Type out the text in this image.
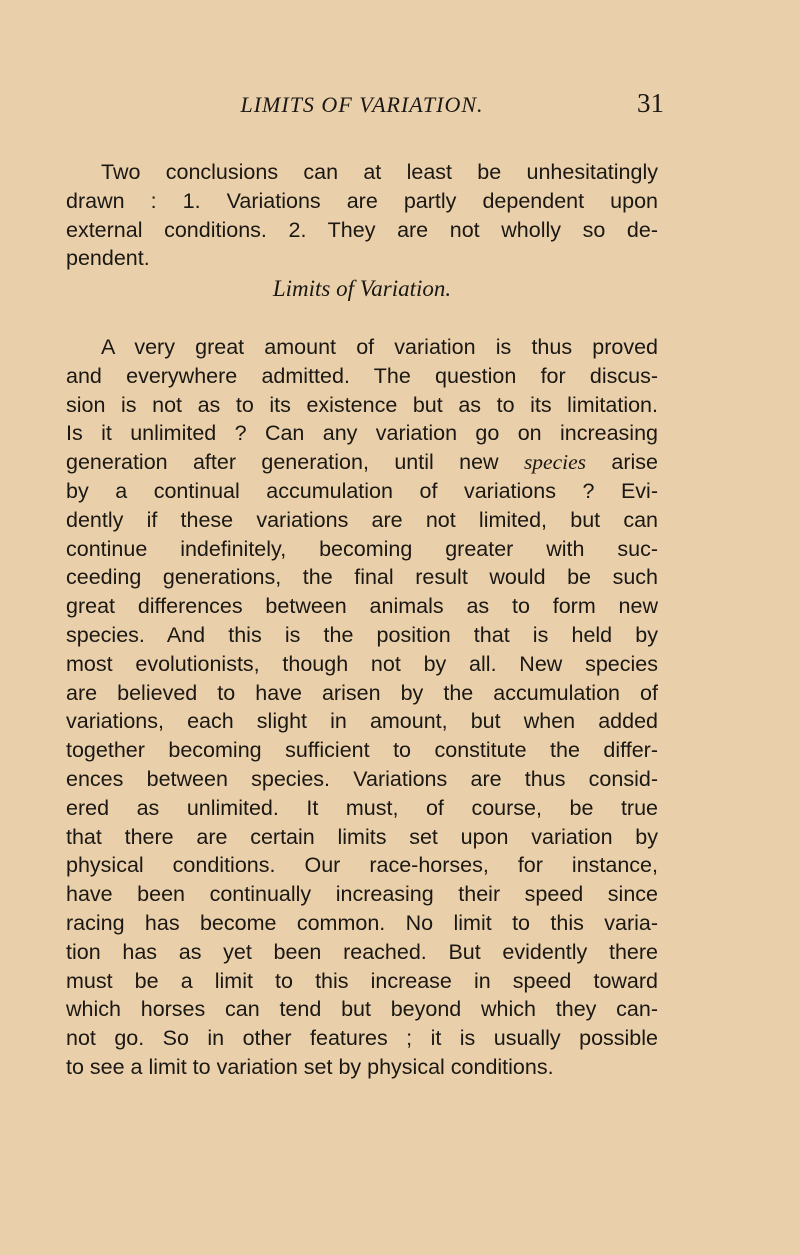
LIMITS OF VARIATION.	31
Two conclusions can at least be unhesitatingly
drawn : 1. Variations are partly dependent upon
external conditions. 2. They are not wholly so de-
pendent.
Limits of Variation.
A very great amount of variation is thus proved
and everywhere admitted. The question for discus-
sion is not as to its existence but as to its limitation.
Is it unlimited ? Can any variation go on increasing
generation after generation, until new species arise
by a continual accumulation of variations ? Evi-
dently if these variations are not limited, but can
continue indefinitely, becoming greater with suc-
ceeding generations, the final result would be such
great differences between animals as to form new
species. And this is the position that is held by
most evolutionists, though not by all. New species
are believed to have arisen by the accumulation of
variations, each slight in amount, but when added
together becoming sufficient to constitute the differ-
ences between species. Variations are thus consid-
ered as unlimited. It must, of course, be true
that there are certain limits set upon variation by
physical conditions. Our race-horses, for instance,
have been continually increasing their speed since
racing has become common. No limit to this varia-
tion has as yet been reached. But evidently there
must be a limit to this increase in speed toward
which horses can tend but beyond which they can-
not go. So in other features ; it is usually possible
to see a limit to variation set by physical conditions.
